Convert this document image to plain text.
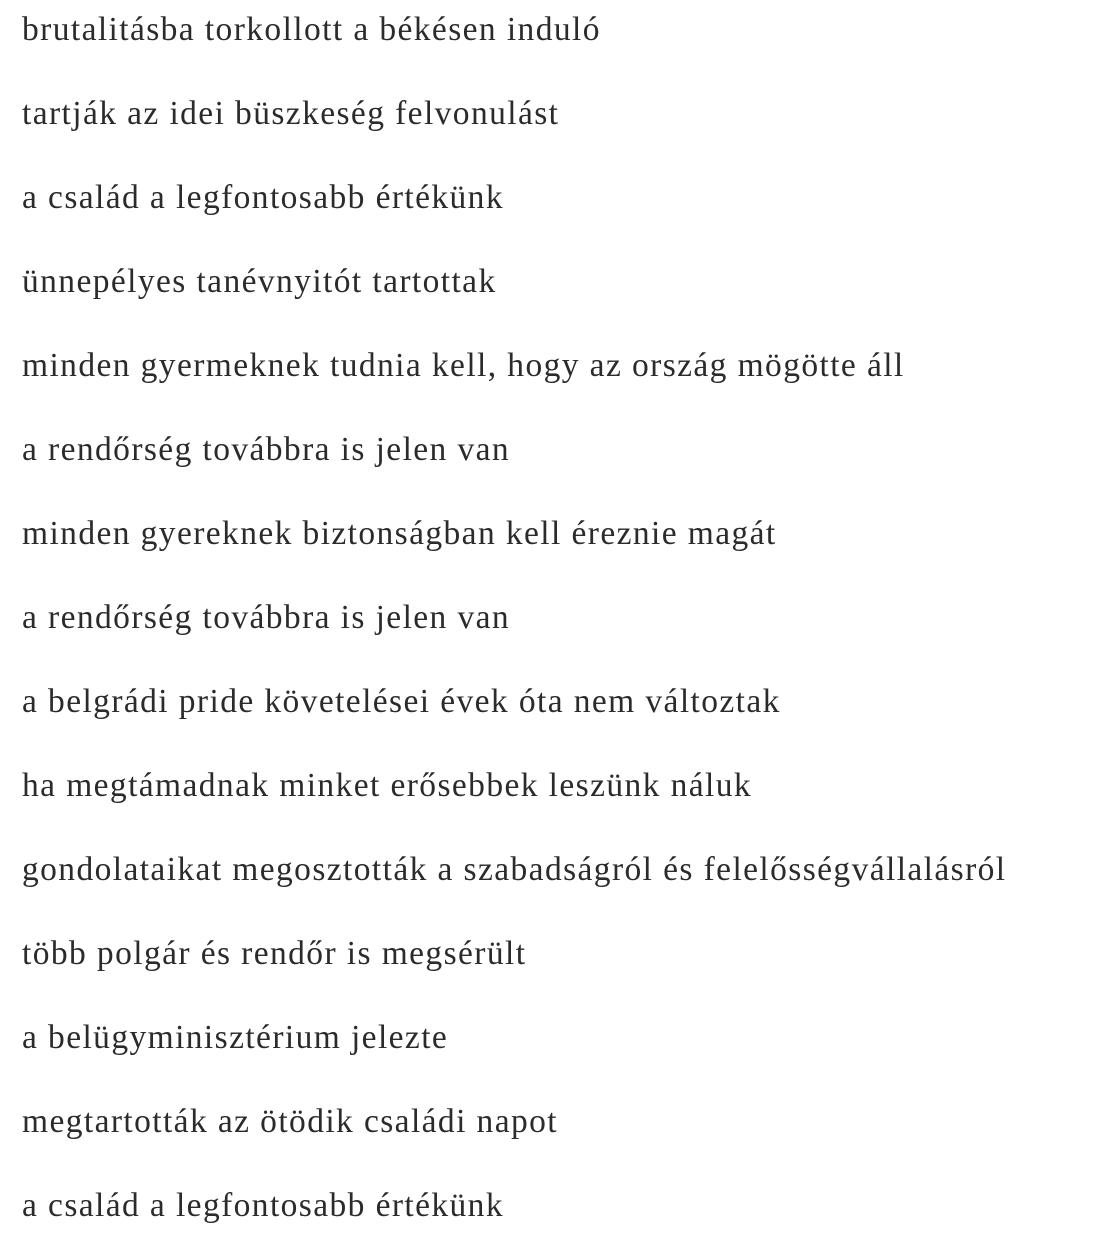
brutalitásba torkollott a békésen induló
tartják az idei büszkeség felvonulást
a család a legfontosabb értékünk
ünnepélyes tanévnyitót tartottak
minden gyermeknek tudnia kell, hogy az ország mögötte áll
a rendőrség továbbra is jelen van
minden gyereknek biztonságban kell éreznie magát
a rendőrség továbbra is jelen van
a belgrádi pride követelései évek óta nem változtak
ha megtámadnak minket erősebbek leszünk náluk
gondolataikat megosztották a szabadságról és felelősségvállalásról
több polgár és rendőr is megsérült
a belügyminisztérium jelezte
megtartották az ötödik családi napot
a család a legfontosabb értékünk
